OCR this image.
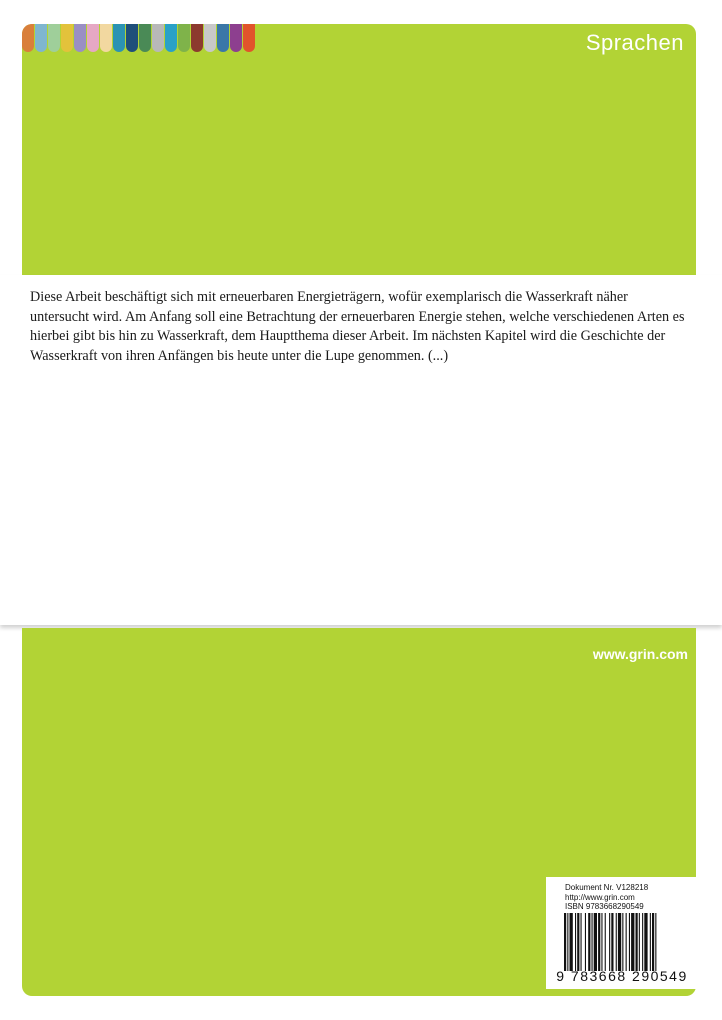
Sprachen

Diese Arbeit beschäftigt sich mit erneuerbaren Energieträgern, wofür exemplarisch die Wasserkraft näher untersucht wird. Am Anfang soll eine Betrachtung der erneuerbaren Energie stehen, welche verschiedenen Arten es hierbei gibt bis hin zu Wasserkraft, dem Hauptthema dieser Arbeit. Im nächsten Kapitel wird die Geschichte der Wasserkraft von ihren Anfängen bis heute unter die Lupe genommen. (...)

www.grin.com
Dokument Nr. V128218
http://www.grin.com
ISBN 9783668290549
9 783668 290549
